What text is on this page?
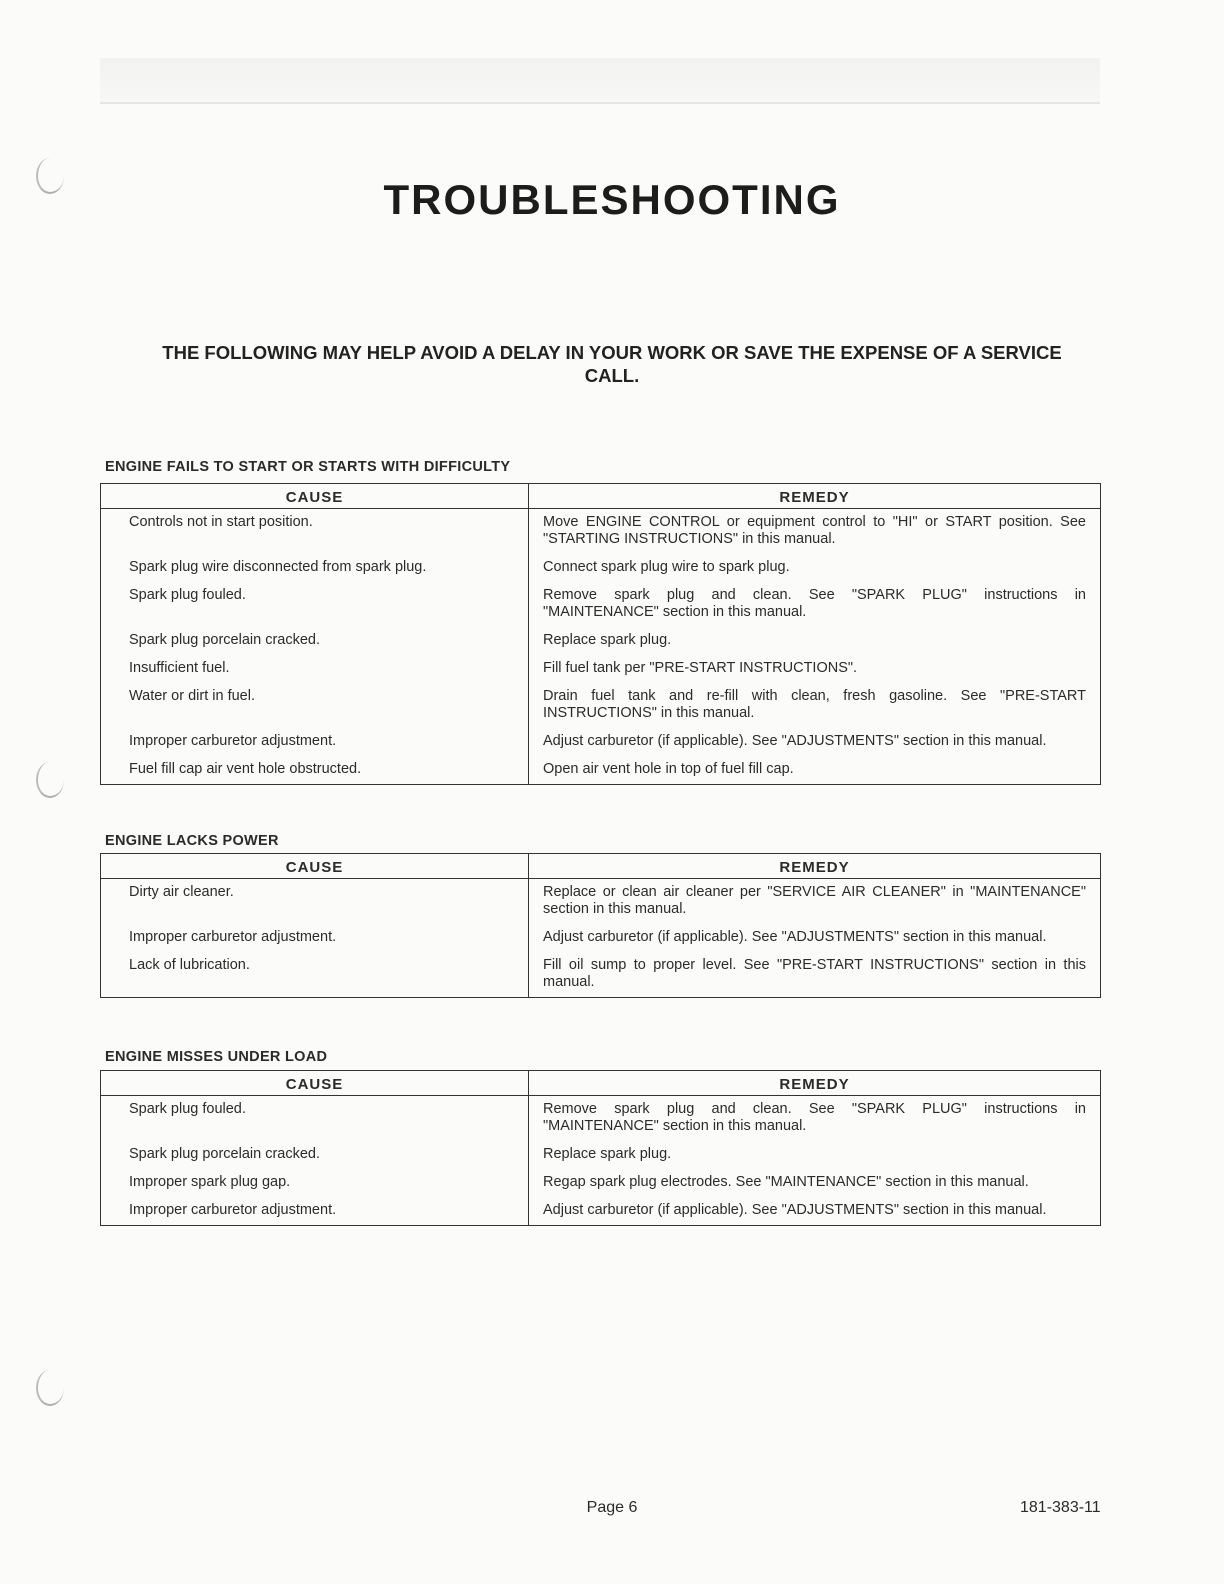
TROUBLESHOOTING
THE FOLLOWING MAY HELP AVOID A DELAY IN YOUR WORK OR SAVE THE EXPENSE OF A SERVICE CALL.
ENGINE FAILS TO START OR STARTS WITH DIFFICULTY
CAUSE	REMEDY
Controls not in start position.	Move ENGINE CONTROL or equipment control to "HI" or START position. See "STARTING INSTRUCTIONS" in this manual.
Spark plug wire disconnected from spark plug.	Connect spark plug wire to spark plug.
Spark plug fouled.	Remove spark plug and clean. See "SPARK PLUG" instructions in "MAINTENANCE" section in this manual.
Spark plug porcelain cracked.	Replace spark plug.
Insufficient fuel.	Fill fuel tank per "PRE-START INSTRUCTIONS".
Water or dirt in fuel.	Drain fuel tank and re-fill with clean, fresh gasoline. See "PRE-START INSTRUCTIONS" in this manual.
Improper carburetor adjustment.	Adjust carburetor (if applicable). See "ADJUSTMENTS" section in this manual.
Fuel fill cap air vent hole obstructed.	Open air vent hole in top of fuel fill cap.
ENGINE LACKS POWER
CAUSE	REMEDY
Dirty air cleaner.	Replace or clean air cleaner per "SERVICE AIR CLEANER" in "MAINTENANCE" section in this manual.
Improper carburetor adjustment.	Adjust carburetor (if applicable). See "ADJUSTMENTS" section in this manual.
Lack of lubrication.	Fill oil sump to proper level. See "PRE-START INSTRUCTIONS" section in this manual.
ENGINE MISSES UNDER LOAD
CAUSE	REMEDY
Spark plug fouled.	Remove spark plug and clean. See "SPARK PLUG" instructions in "MAINTENANCE" section in this manual.
Spark plug porcelain cracked.	Replace spark plug.
Improper spark plug gap.	Regap spark plug electrodes. See "MAINTENANCE" section in this manual.
Improper carburetor adjustment.	Adjust carburetor (if applicable). See "ADJUSTMENTS" section in this manual.
Page 6	181-383-11
